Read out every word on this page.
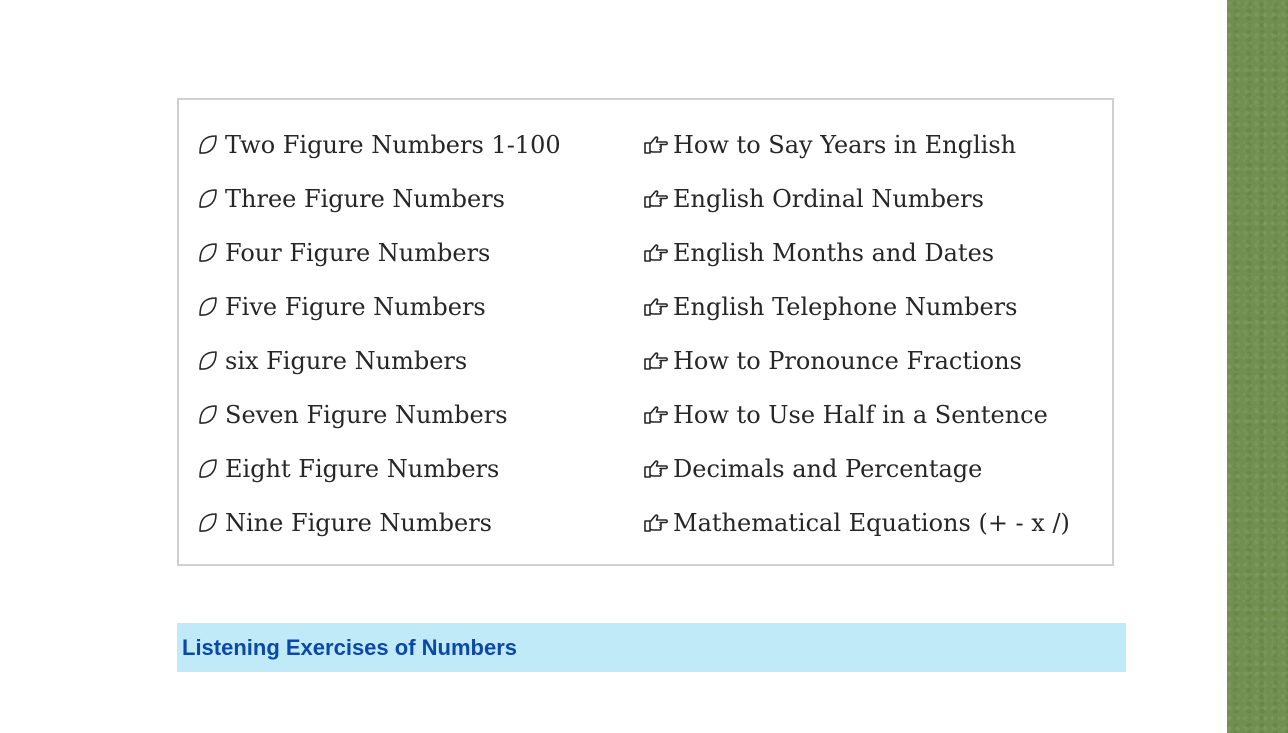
Two Figure Numbers 1-100
Three Figure Numbers
Four Figure Numbers
Five Figure Numbers
six Figure Numbers
Seven Figure Numbers
Eight Figure Numbers
Nine Figure Numbers
How to Say Years in English
English Ordinal Numbers
English Months and Dates
English Telephone Numbers
How to Pronounce Fractions
How to Use Half in a Sentence
Decimals and Percentage
Mathematical Equations (+ - x /)
Listening Exercises of Numbers
